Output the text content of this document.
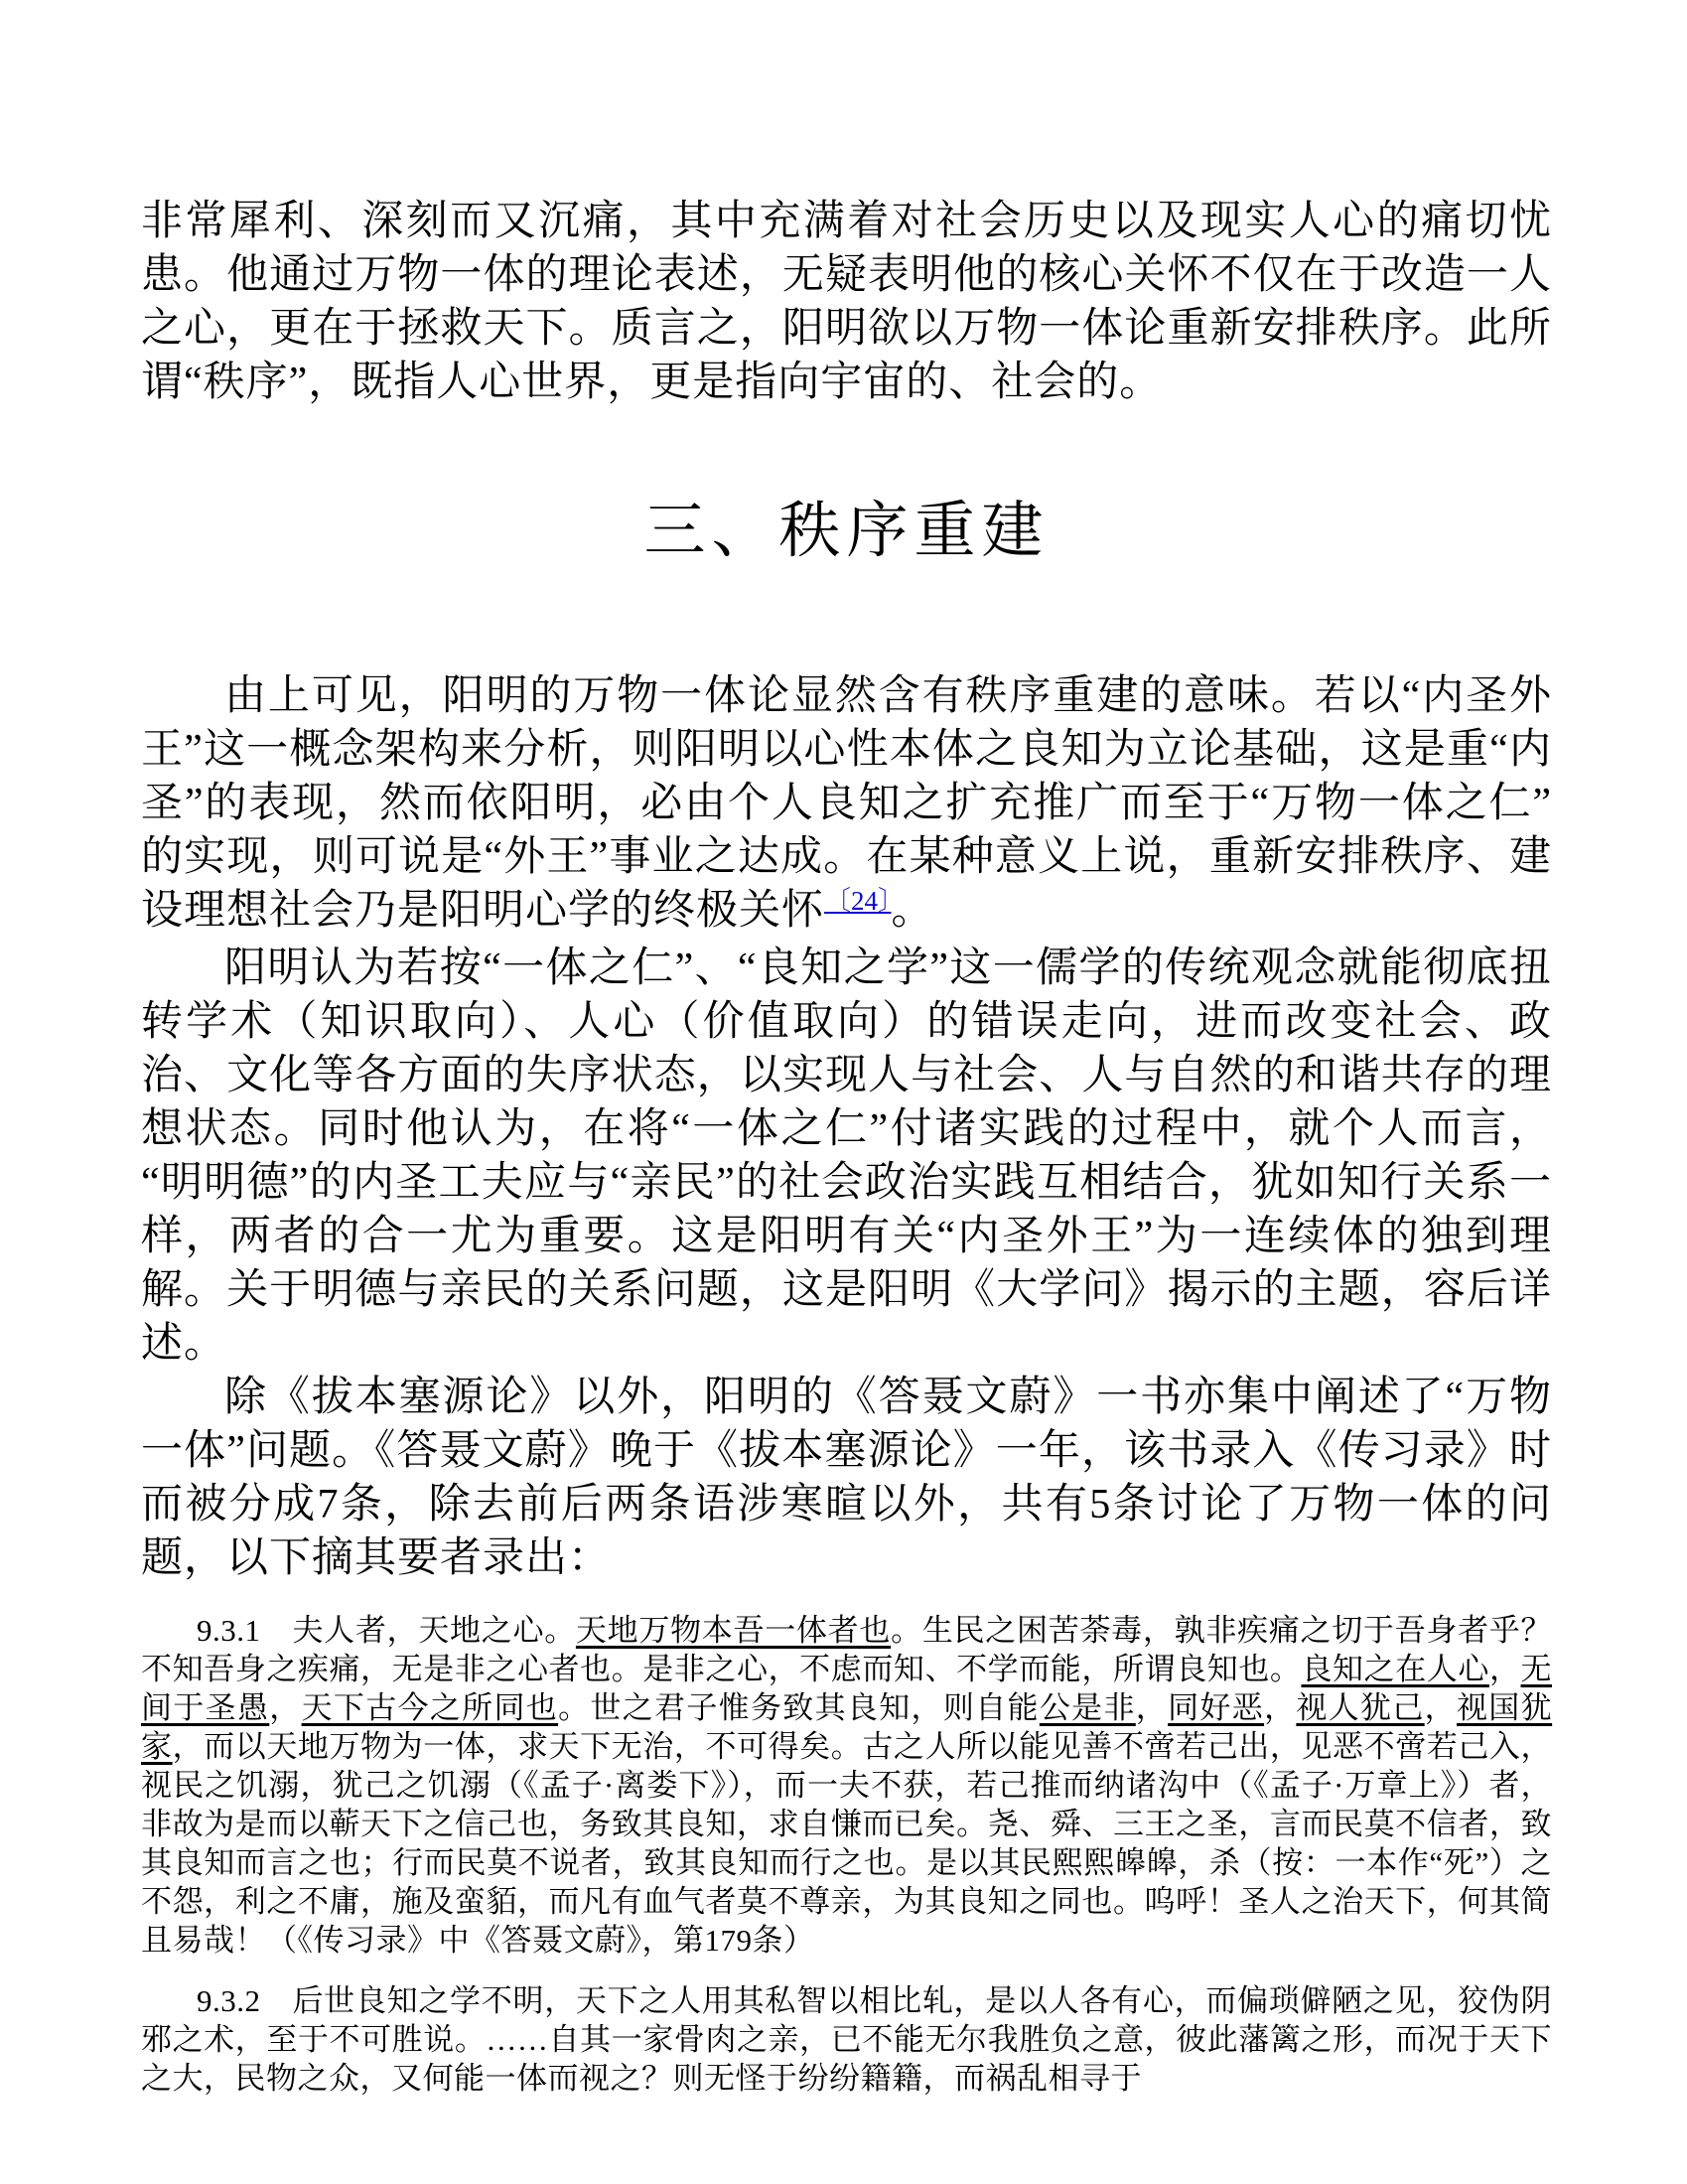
非常犀利、深刻而又沉痛，其中充满着对社会历史以及现实人心的痛切忧患。他通过万物一体的理论表述，无疑表明他的核心关怀不仅在于改造一人之心，更在于拯救天下。质言之，阳明欲以万物一体论重新安排秩序。此所谓“秩序”，既指人心世界，更是指向宇宙的、社会的。

三、秩序重建

由上可见，阳明的万物一体论显然含有秩序重建的意味。若以“内圣外王”这一概念架构来分析，则阳明以心性本体之良知为立论基础，这是重“内圣”的表现，然而依阳明，必由个人良知之扩充推广而至于“万物一体之仁”的实现，则可说是“外王”事业之达成。在某种意义上说，重新安排秩序、建设理想社会乃是阳明心学的终极关怀$^{〔24〕}$。

阳明认为若按“一体之仁”、“良知之学”这一儒学的传统观念就能彻底扭转学术（知识取向）、人心（价值取向）的错误走向，进而改变社会、政治、文化等各方面的失序状态，以实现人与社会、人与自然的和谐共存的理想状态。同时他认为，在将“一体之仁”付诸实践的过程中，就个人而言，“明明德”的内圣工夫应与“亲民”的社会政治实践互相结合，犹如知行关系一样，两者的合一尤为重要。这是阳明有关“内圣外王”为一连续体的独到理解。关于明德与亲民的关系问题，这是阳明《大学问》揭示的主题，容后详述。

除《拔本塞源论》以外，阳明的《答聂文蔚》一书亦集中阐述了“万物一体”问题。《答聂文蔚》晚于《拔本塞源论》一年，该书录入《传习录》时而被分成7条，除去前后两条语涉寒暄以外，共有5条讨论了万物一体的问题，以下摘其要者录出：

9.3.1　夫人者，天地之心。天地万物本吾一体者也。生民之困苦荼毒，孰非疾痛之切于吾身者乎？不知吾身之疾痛，无是非之心者也。是非之心，不虑而知、不学而能，所谓良知也。良知之在人心，无间于圣愚，天下古今之所同也。世之君子惟务致其良知，则自能公是非，同好恶，视人犹己，视国犹家，而以天地万物为一体，求天下无治，不可得矣。古之人所以能见善不啻若己出，见恶不啻若己入，视民之饥溺，犹己之饥溺（《孟子·离娄下》），而一夫不获，若己推而纳诸沟中（《孟子·万章上》）者，非故为是而以蕲天下之信己也，务致其良知，求自慊而已矣。尧、舜、三王之圣，言而民莫不信者，致其良知而言之也；行而民莫不说者，致其良知而行之也。是以其民熙熙皞皞，杀（按：一本作“死”）之不怨，利之不庸，施及蛮貊，而凡有血气者莫不尊亲，为其良知之同也。呜呼！圣人之治天下，何其简且易哉！（《传习录》中《答聂文蔚》，第179条）

9.3.2　后世良知之学不明，天下之人用其私智以相比轧，是以人各有心，而偏琐僻陋之见，狡伪阴邪之术，至于不可胜说。……自其一家骨肉之亲，已不能无尔我胜负之意，彼此藩篱之形，而况于天下之大，民物之众，又何能一体而视之？则无怪于纷纷籍籍，而祸乱相寻于
